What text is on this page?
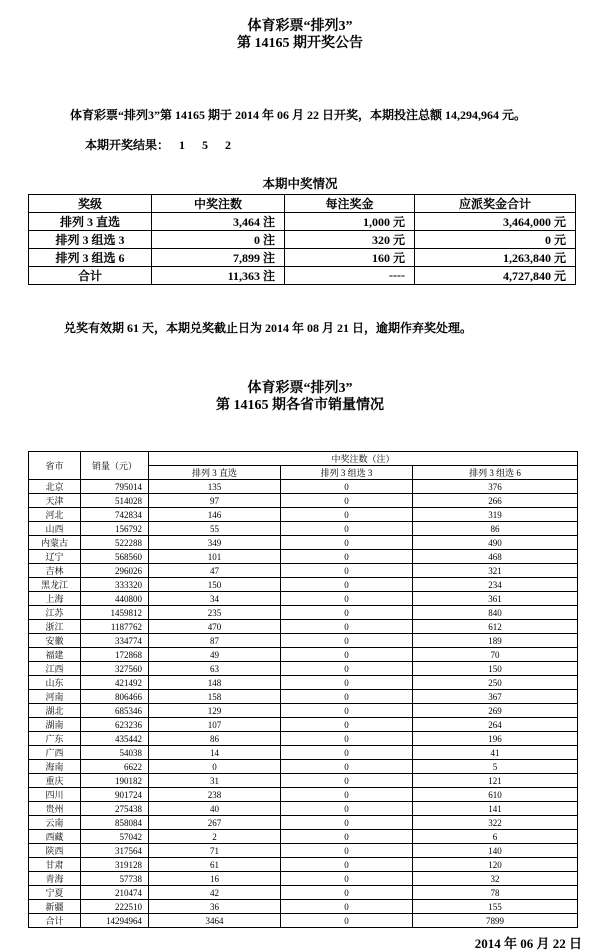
体育彩票“排列3”
第 14165 期开奖公告
体育彩票“排列3”第 14165 期于 2014 年 06 月 22 日开奖，本期投注总额 14,294,964 元。
本期开奖结果： 1 5 2
本期中奖情况
奖级	中奖注数	每注奖金	应派奖金合计
排列 3 直选	3,464 注	1,000 元	3,464,000 元
排列 3 组选 3	0 注	320 元	0 元
排列 3 组选 6	7,899 注	160 元	1,263,840 元
合计	11,363 注	----	4,727,840 元
兑奖有效期 61 天，本期兑奖截止日为 2014 年 08 月 21 日，逾期作弃奖处理。
体育彩票“排列3”
第 14165 期各省市销量情况
省市	销量（元）	中奖注数（注）		
		排列 3 直选	排列 3 组选 3	排列 3 组选 6
北京	795014	135	0	376
天津	514028	97	0	266
河北	742834	146	0	319
山西	156792	55	0	86
内蒙古	522288	349	0	490
辽宁	568560	101	0	468
吉林	296026	47	0	321
黑龙江	333320	150	0	234
上海	440800	34	0	361
江苏	1459812	235	0	840
浙江	1187762	470	0	612
安徽	334774	87	0	189
福建	172868	49	0	70
江西	327560	63	0	150
山东	421492	148	0	250
河南	806466	158	0	367
湖北	685346	129	0	269
湖南	623236	107	0	264
广东	435442	86	0	196
广西	54038	14	0	41
海南	6622	0	0	5
重庆	190182	31	0	121
四川	901724	238	0	610
贵州	275438	40	0	141
云南	858084	267	0	322
西藏	57042	2	0	6
陕西	317564	71	0	140
甘肃	319128	61	0	120
青海	57738	16	0	32
宁夏	210474	42	0	78
新疆	222510	36	0	155
合计	14294964	3464	0	7899
2014 年 06 月 22 日
